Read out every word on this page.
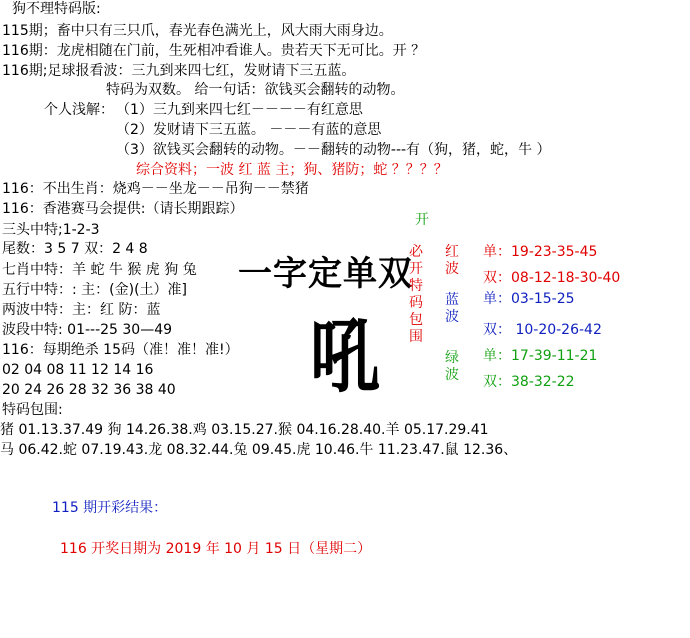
狗不理特码版:
115期；畜中只有三只爪，春光春色满光上，风大雨大雨身边。
116期：龙虎相随在门前，生死相冲看谁人。贵若天下无可比。开 ？
116期;足球报看波：三九到来四七红，发财请下三五蓝。
特码为双数。 给一句话：欲钱买会翻转的动物。
个人浅解： （1）三九到来四七红－－－－有红意思
（2）发财请下三五蓝。 －－－有蓝的意思
（3）欲钱买会翻转的动物。－－翻转的动物---有（狗，猪，蛇，牛 ）
综合资料；一波 红 蓝 主；狗、猪防；蛇 ？？？？
116：不出生肖：烧鸡－－坐龙－－吊狗－－禁猪
116：香港赛马会提供:（请长期跟踪）
三头中特;1-2-3
尾数：3 5 7 双：2 4 8
七肖中特：羊 蛇 牛 猴 虎 狗 兔
五行中特：: 主：(金)(土）准]
两波中特：主：红 防：蓝
波段中特: 01---25 30—49
116：每期绝杀 15码（准！准！准!）
02 04 08 11 12 14 16
20 24 26 28 32 36 38 40
特码包围:
猪 01.13.37.49 狗 14.26.38.鸡 03.15.27.猴 04.16.28.40.羊 05.17.29.41
马 06.42.蛇 07.19.43.龙 08.32.44.兔 09.45.虎 10.46.牛 11.23.47.鼠 12.36、
开
一字定单双
吼
必开特码包围
红波
蓝波
绿波
单：19-23-35-45
双：08-12-18-30-40
单：03-15-25
双： 10-20-26-42
单：17-39-11-21
双：38-32-22
115 期开彩结果：
116 开奖日期为 2019 年 10 月 15 日（星期二）
